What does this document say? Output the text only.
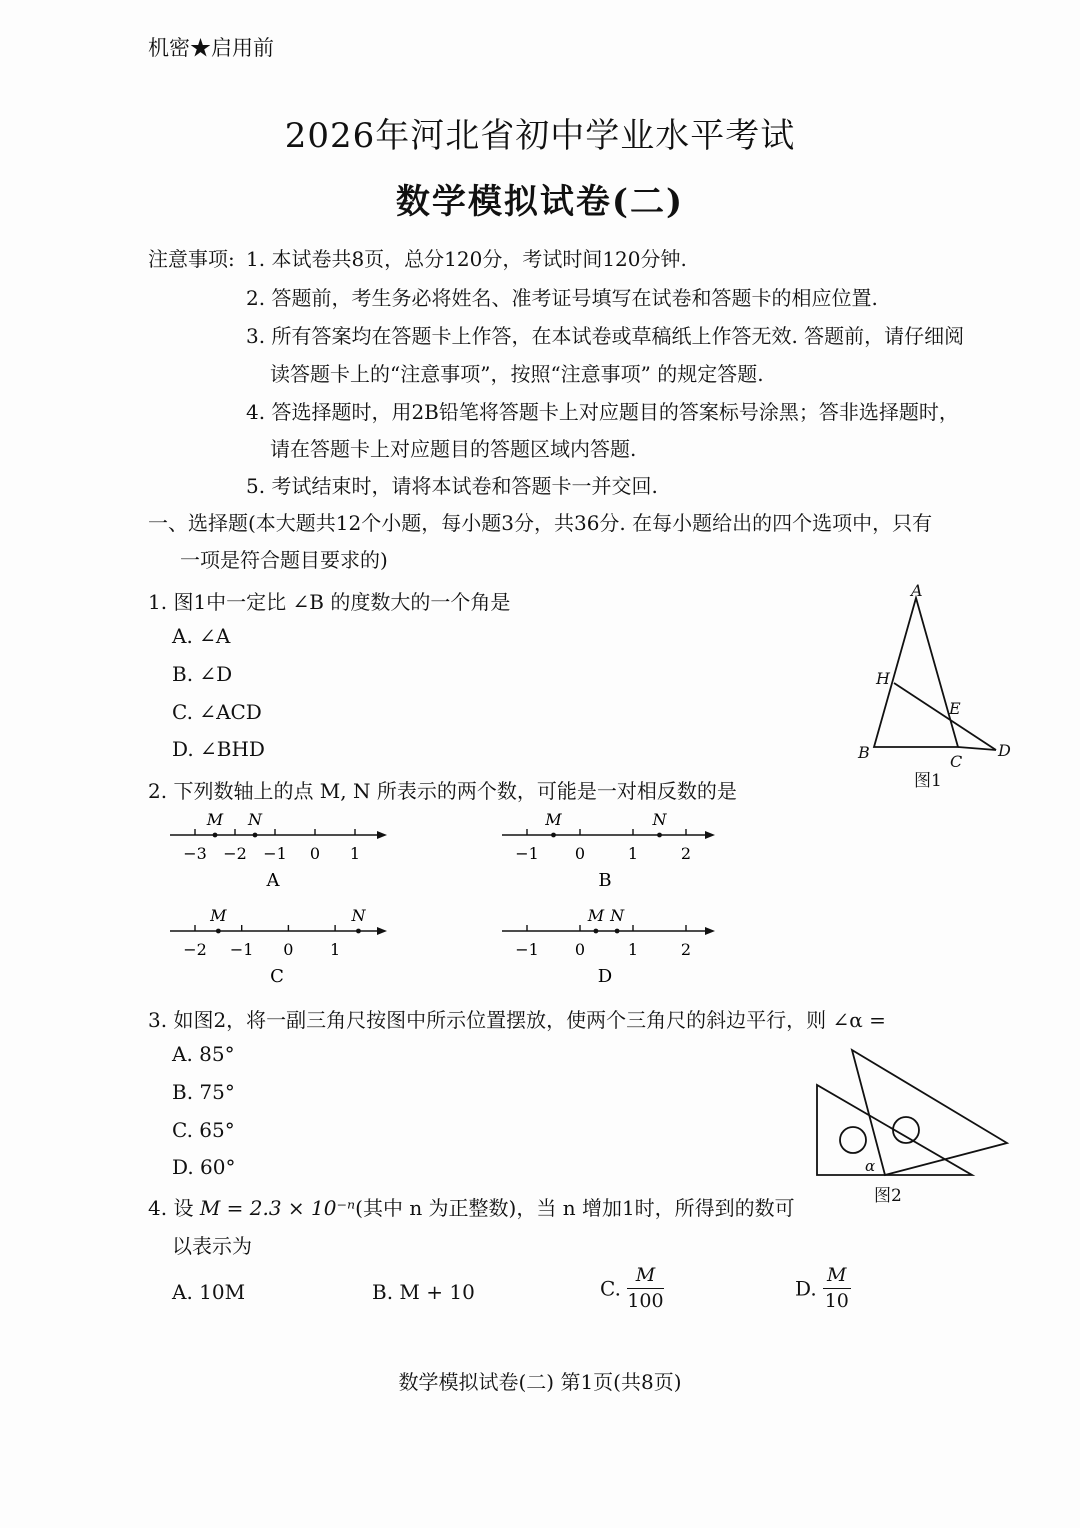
机密★启用前
2026年河北省初中学业水平考试
数学模拟试卷(二)
注意事项: 1. 本试卷共8页，总分120分，考试时间120分钟.
2. 答题前，考生务必将姓名、准考证号填写在试卷和答题卡的相应位置.
3. 所有答案均在答题卡上作答，在本试卷或草稿纸上作答无效. 答题前，请仔细阅
读答题卡上的“注意事项”，按照“注意事项” 的规定答题.
4. 答选择题时，用2B铅笔将答题卡上对应题目的答案标号涂黑；答非选择题时，
请在答题卡上对应题目的答题区域内答题.
5. 考试结束时，请将本试卷和答题卡一并交回.
一、选择题(本大题共12个小题，每小题3分，共36分. 在每小题给出的四个选项中，只有
一项是符合题目要求的)
1. 图1中一定比 ∠B 的度数大的一个角是
A. ∠A
B. ∠D
C. ∠ACD
D. ∠BHD
A
H
E
B	C
D
图1
2. 下列数轴上的点 M, N 所表示的两个数，可能是一对相反数的是
−3 −2 −1 0 1
M N
A
−1 0	1	2
M	N
B
−2 −1 0 1
M	N
C
−1 0	1	2
M N
D
3. 如图2，将一副三角尺按图中所示位置摆放，使两个三角尺的斜边平行，则 ∠α =
A. 85°
B. 75°
C. 65°
D. 60°	α
图2
4. 设 M = 2.3 × 10⁻ⁿ(其中 n 为正整数)，当 n 增加1时，所得到的数可
以表示为
A. 10M	B. M + 10	C. $\frac{M}{100}$	D. $\frac{M}{10}$
数学模拟试卷(二) 第1页(共8页)
